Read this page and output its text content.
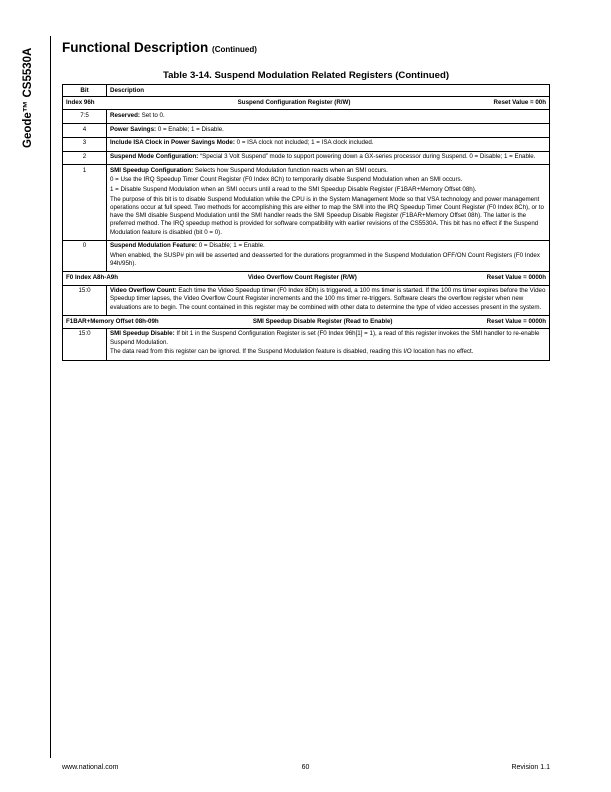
Geode™ CS5530A
Functional Description (Continued)
Table 3-14. Suspend Modulation Related Registers (Continued)
Bit	Description

Index 96h Suspend Configuration Register (R/W) Reset Value = 00h	

7:5	Reserved: Set to 0.

4	Power Savings: 0 = Enable; 1 = Disable.

3	Include ISA Clock in Power Savings Mode: 0 = ISA clock not included; 1 = ISA clock included.

2	Suspend Mode Configuration: “Special 3 Volt Suspend” mode to support powering down a GX-series processor during Suspend. 0 = Disable; 1 = Enable.

1	SMI Speedup Configuration: Selects how Suspend Modulation function reacts when an SMI occurs.

0 = Use the IRQ Speedup Timer Count Register (F0 Index 8Ch) to temporarily disable Suspend Modulation when an SMI occurs.

1 = Disable Suspend Modulation when an SMI occurs until a read to the SMI Speedup Disable Register (F1BAR+Memory Offset 08h).

The purpose of this bit is to disable Suspend Modulation while the CPU is in the System Management Mode so that VSA technology and power management operations occur at full speed. Two methods for accomplishing this are either to map the SMI into the IRQ Speedup Timer Count Register (F0 Index 8Ch), or to have the SMI disable Suspend Modulation until the SMI handler reads the SMI Speedup Disable Register (F1BAR+Memory Offset 08h). The latter is the preferred method. The IRQ speedup method is provided for software compatibility with earlier revisions of the CS5530A. This bit has no effect if the Suspend Modulation feature is disabled (bit 0 = 0).

0	Suspend Modulation Feature: 0 = Disable; 1 = Enable.

When enabled, the SUSP# pin will be asserted and deasserted for the durations programmed in the Suspend Modulation OFF/ON Count Registers (F0 Index 94h/95h).

F0 Index A8h-A9h Video Overflow Count Register (R/W) Reset Value = 0000h	

15:0	Video Overflow Count: Each time the Video Speedup timer (F0 Index 8Dh) is triggered, a 100 ms timer is started. If the 100 ms timer expires before the Video Speedup timer lapses, the Video Overflow Count Register increments and the 100 ms timer re-triggers. Software clears the overflow register when new evaluations are to begin. The count contained in this register may be combined with other data to determine the type of video accesses present in the system.

F1BAR+Memory Offset 08h-09h SMI Speedup Disable Register (Read to Enable) Reset Value = 0000h	

15:0	SMI Speedup Disable: If bit 1 in the Suspend Configuration Register is set (F0 Index 96h[1] = 1), a read of this register invokes the SMI handler to re-enable Suspend Modulation.

The data read from this register can be ignored. If the Suspend Modulation feature is disabled, reading this I/O location has no effect.

www.national.com	60	Revision 1.1
